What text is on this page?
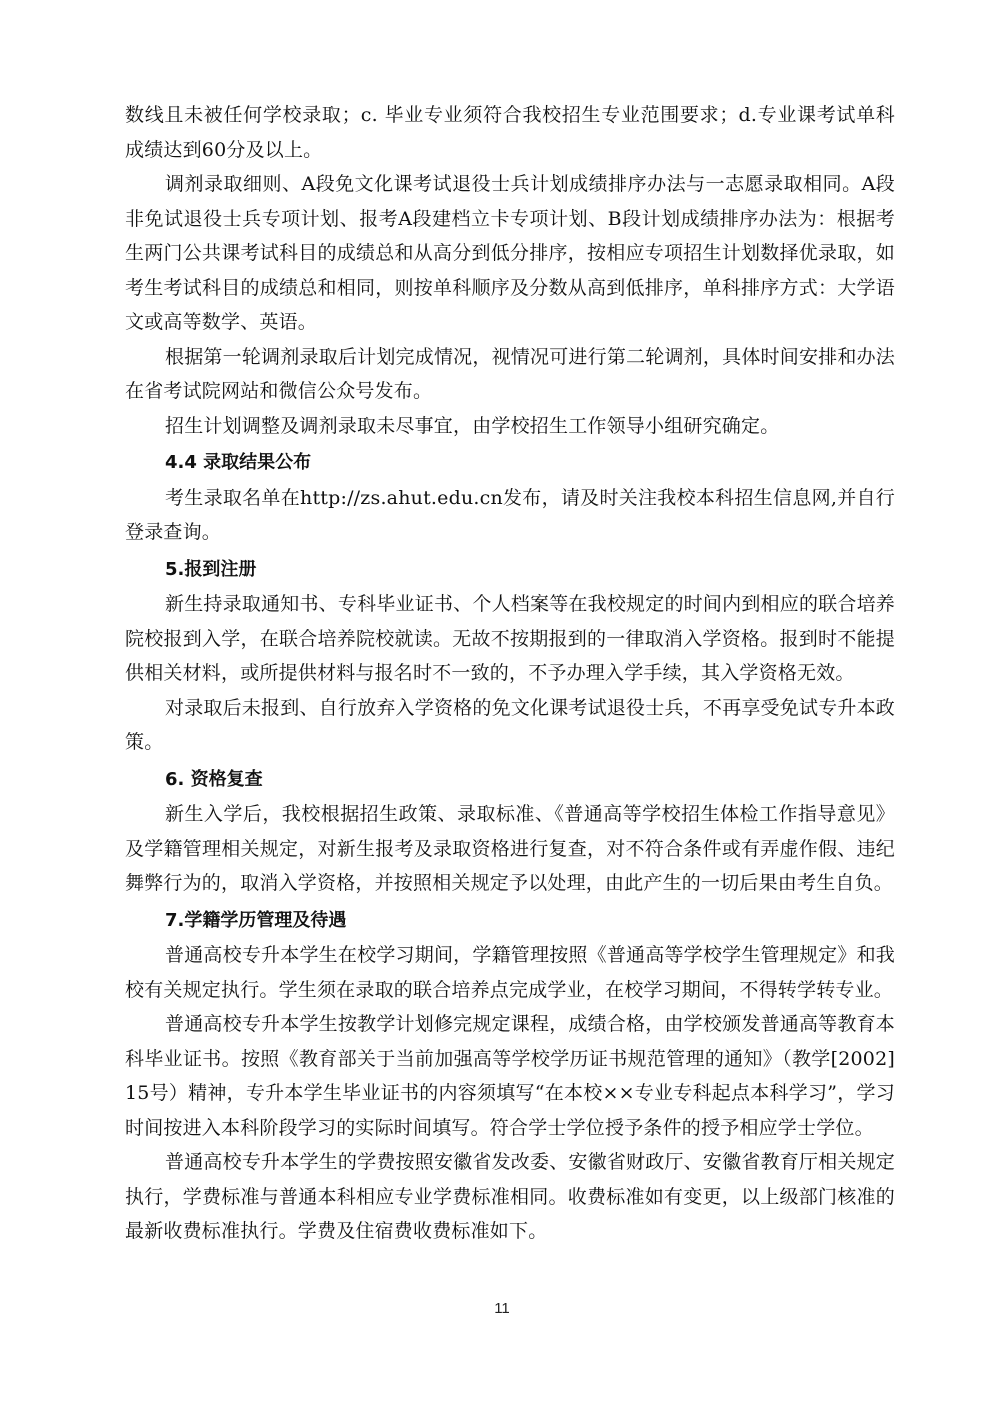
数线且未被任何学校录取；c. 毕业专业须符合我校招生专业范围要求；d.专业课考试单科成绩达到60分及以上。

调剂录取细则、A段免文化课考试退役士兵计划成绩排序办法与一志愿录取相同。A段非免试退役士兵专项计划、报考A段建档立卡专项计划、B段计划成绩排序办法为：根据考生两门公共课考试科目的成绩总和从高分到低分排序，按相应专项招生计划数择优录取，如考生考试科目的成绩总和相同，则按单科顺序及分数从高到低排序，单科排序方式：大学语文或高等数学、英语。

根据第一轮调剂录取后计划完成情况，视情况可进行第二轮调剂，具体时间安排和办法在省考试院网站和微信公众号发布。

招生计划调整及调剂录取未尽事宜，由学校招生工作领导小组研究确定。

4.4 录取结果公布

考生录取名单在http://zs.ahut.edu.cn发布，请及时关注我校本科招生信息网,并自行登录查询。

5.报到注册

新生持录取通知书、专科毕业证书、个人档案等在我校规定的时间内到相应的联合培养院校报到入学，在联合培养院校就读。无故不按期报到的一律取消入学资格。报到时不能提供相关材料，或所提供材料与报名时不一致的，不予办理入学手续，其入学资格无效。

对录取后未报到、自行放弃入学资格的免文化课考试退役士兵，不再享受免试专升本政策。

6. 资格复查

新生入学后，我校根据招生政策、录取标准、《普通高等学校招生体检工作指导意见》及学籍管理相关规定，对新生报考及录取资格进行复查，对不符合条件或有弄虚作假、违纪舞弊行为的，取消入学资格，并按照相关规定予以处理，由此产生的一切后果由考生自负。

7.学籍学历管理及待遇

普通高校专升本学生在校学习期间，学籍管理按照《普通高等学校学生管理规定》和我校有关规定执行。学生须在录取的联合培养点完成学业，在校学习期间，不得转学转专业。

普通高校专升本学生按教学计划修完规定课程，成绩合格，由学校颁发普通高等教育本科毕业证书。按照《教育部关于当前加强高等学校学历证书规范管理的通知》（教学[2002]15号）精神，专升本学生毕业证书的内容须填写“在本校××专业专科起点本科学习”，学习时间按进入本科阶段学习的实际时间填写。符合学士学位授予条件的授予相应学士学位。

普通高校专升本学生的学费按照安徽省发改委、安徽省财政厅、安徽省教育厅相关规定执行，学费标准与普通本科相应专业学费标准相同。收费标准如有变更，以上级部门核准的最新收费标准执行。学费及住宿费收费标准如下。

11
